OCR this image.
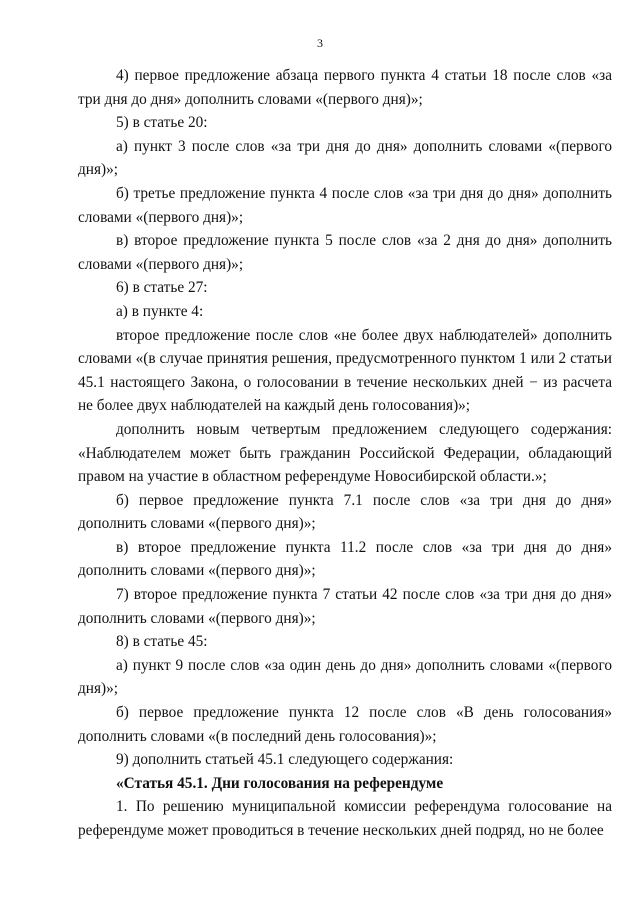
3

4) первое предложение абзаца первого пункта 4 статьи 18 после слов «за три дня до дня» дополнить словами «(первого дня)»;

5) в статье 20:

а) пункт 3 после слов «за три дня до дня» дополнить словами «(первого дня)»;

б) третье предложение пункта 4 после слов «за три дня до дня» дополнить словами «(первого дня)»;

в) второе предложение пункта 5 после слов «за 2 дня до дня» дополнить словами «(первого дня)»;

6) в статье 27:

а) в пункте 4:

второе предложение после слов «не более двух наблюдателей» дополнить словами «(в случае принятия решения, предусмотренного пунктом 1 или 2 статьи 45.1 настоящего Закона, о голосовании в течение нескольких дней − из расчета не более двух наблюдателей на каждый день голосования)»;

дополнить новым четвертым предложением следующего содержания: «Наблюдателем может быть гражданин Российской Федерации, обладающий правом на участие в областном референдуме Новосибирской области.»;

б) первое предложение пункта 7.1 после слов «за три дня до дня» дополнить словами «(первого дня)»;

в) второе предложение пункта 11.2 после слов «за три дня до дня» дополнить словами «(первого дня)»;

7) второе предложение пункта 7 статьи 42 после слов «за три дня до дня» дополнить словами «(первого дня)»;

8) в статье 45:

а) пункт 9 после слов «за один день до дня» дополнить словами «(первого дня)»;

б) первое предложение пункта 12 после слов «В день голосования» дополнить словами «(в последний день голосования)»;

9) дополнить статьей 45.1 следующего содержания:

«Статья 45.1. Дни голосования на референдуме

1. По решению муниципальной комиссии референдума голосование на референдуме может проводиться в течение нескольких дней подряд, но не более
